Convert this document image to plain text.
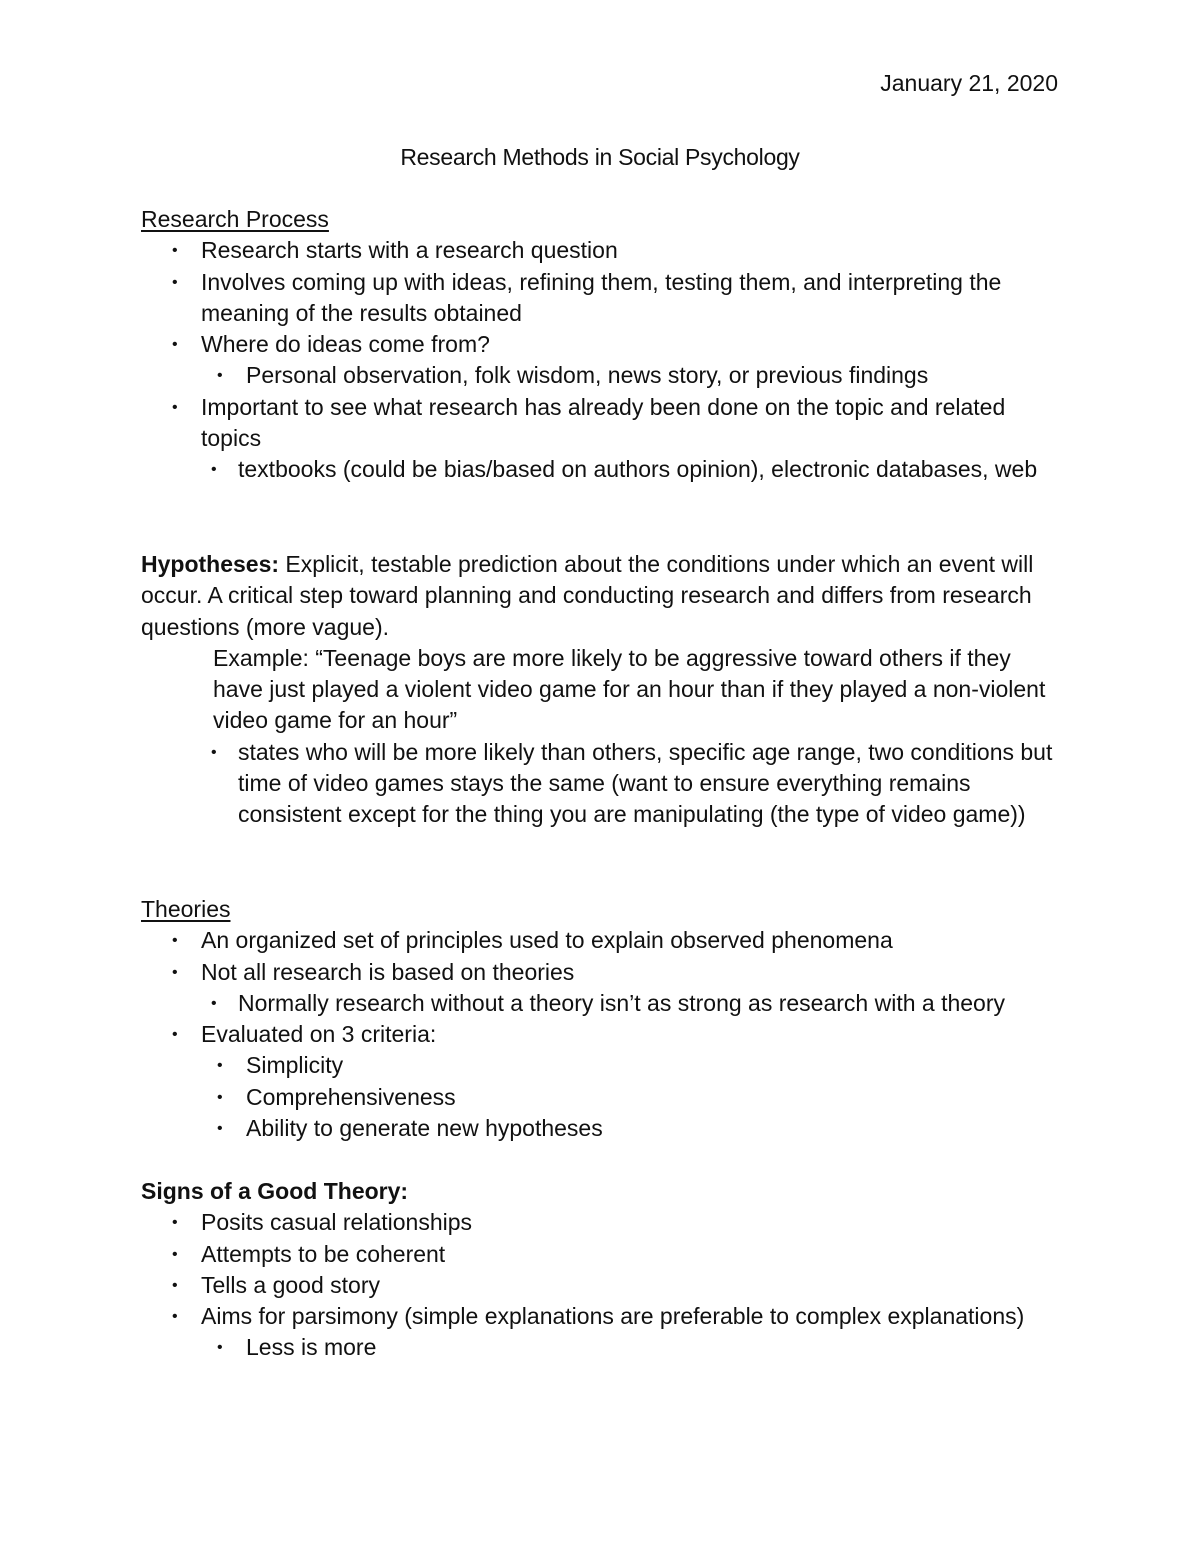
January 21, 2020
Research Methods in Social Psychology
Research Process
• Research starts with a research question
• Involves coming up with ideas, refining them, testing them, and interpreting the meaning of the results obtained
• Where do ideas come from?
• Personal observation, folk wisdom, news story, or previous findings
• Important to see what research has already been done on the topic and related topics
• textbooks (could be bias/based on authors opinion), electronic databases, web
Hypotheses: Explicit, testable prediction about the conditions under which an event will occur. A critical step toward planning and conducting research and differs from research questions (more vague).
Example: “Teenage boys are more likely to be aggressive toward others if they have just played a violent video game for an hour than if they played a non-violent video game for an hour”
• states who will be more likely than others, specific age range, two conditions but time of video games stays the same (want to ensure everything remains consistent except for the thing you are manipulating (the type of video game))
Theories
• An organized set of principles used to explain observed phenomena
• Not all research is based on theories
• Normally research without a theory isn’t as strong as research with a theory
• Evaluated on 3 criteria:
• Simplicity
• Comprehensiveness
• Ability to generate new hypotheses
Signs of a Good Theory:
• Posits casual relationships
• Attempts to be coherent
• Tells a good story
• Aims for parsimony (simple explanations are preferable to complex explanations)
• Less is more
